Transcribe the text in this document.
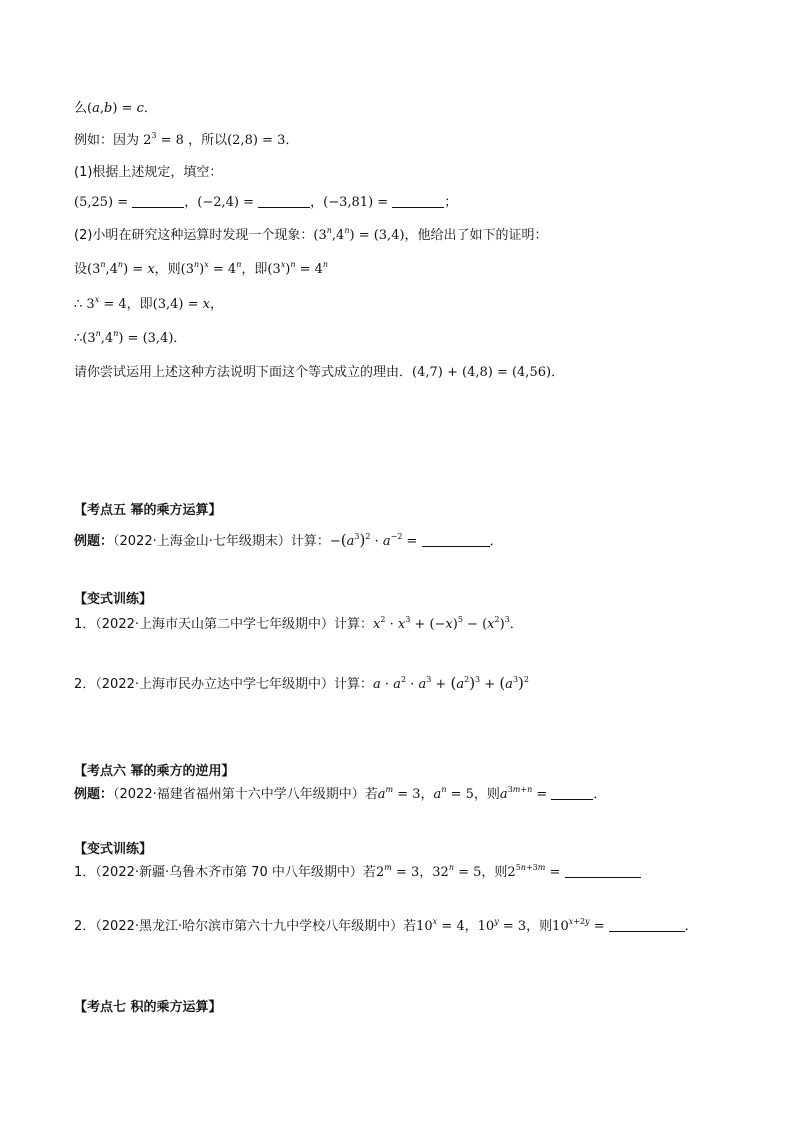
么(a,b) = c．
例如：因为 $2^3 = 8$ ，所以(2,8) = 3．
(1)根据上述规定，填空：
(5,25) =	，(−2,4) =	，(−3,81) =	；
(2)小明在研究这种运算时发现一个现象：$(3^n,4^n) = (3,4)$，他给出了如下的证明：
设$(3^n,4^n) = x$，则$(3^n)^x = 4^n$，即$(3^x)^n = 4^n$
∴ $3^x = 4$，即(3,4) = x，
$\therefore(3^n,4^n) = (3,4)$．
请你尝试运用上述这种方法说明下面这个等式成立的理由．(4,7) + (4,8) = (4,56)．
【考点五 幂的乘方运算】
例题：（2022·上海金山·七年级期末）计算：$-(a^3)^2 \cdot a^{-2}$ =	．
【变式训练】
1．（2022·上海市天山第二中学七年级期中）计算：$x^2 \cdot x^3 + (-x)^5 - (x^2)^3$．
2．（2022·上海市民办立达中学七年级期中）计算：$a \cdot a^2 \cdot a^3 + (a^2)^3 + (a^3)^2$
【考点六 幂的乘方的逆用】
例题：（2022·福建省福州第十六中学八年级期中）若$a^m = 3$，$a^n = 5$，则$a^{3m+n}$ =	．
【变式训练】
1．（2022·新疆·乌鲁木齐市第 70 中八年级期中）若$2^m = 3$，$32^n = 5$，则$2^{5n+3m}$ =
2．（2022·黑龙江·哈尔滨市第六十九中学校八年级期中）若$10^x = 4$，$10^y = 3$，则$10^{x+2y}$ =	．
【考点七 积的乘方运算】
